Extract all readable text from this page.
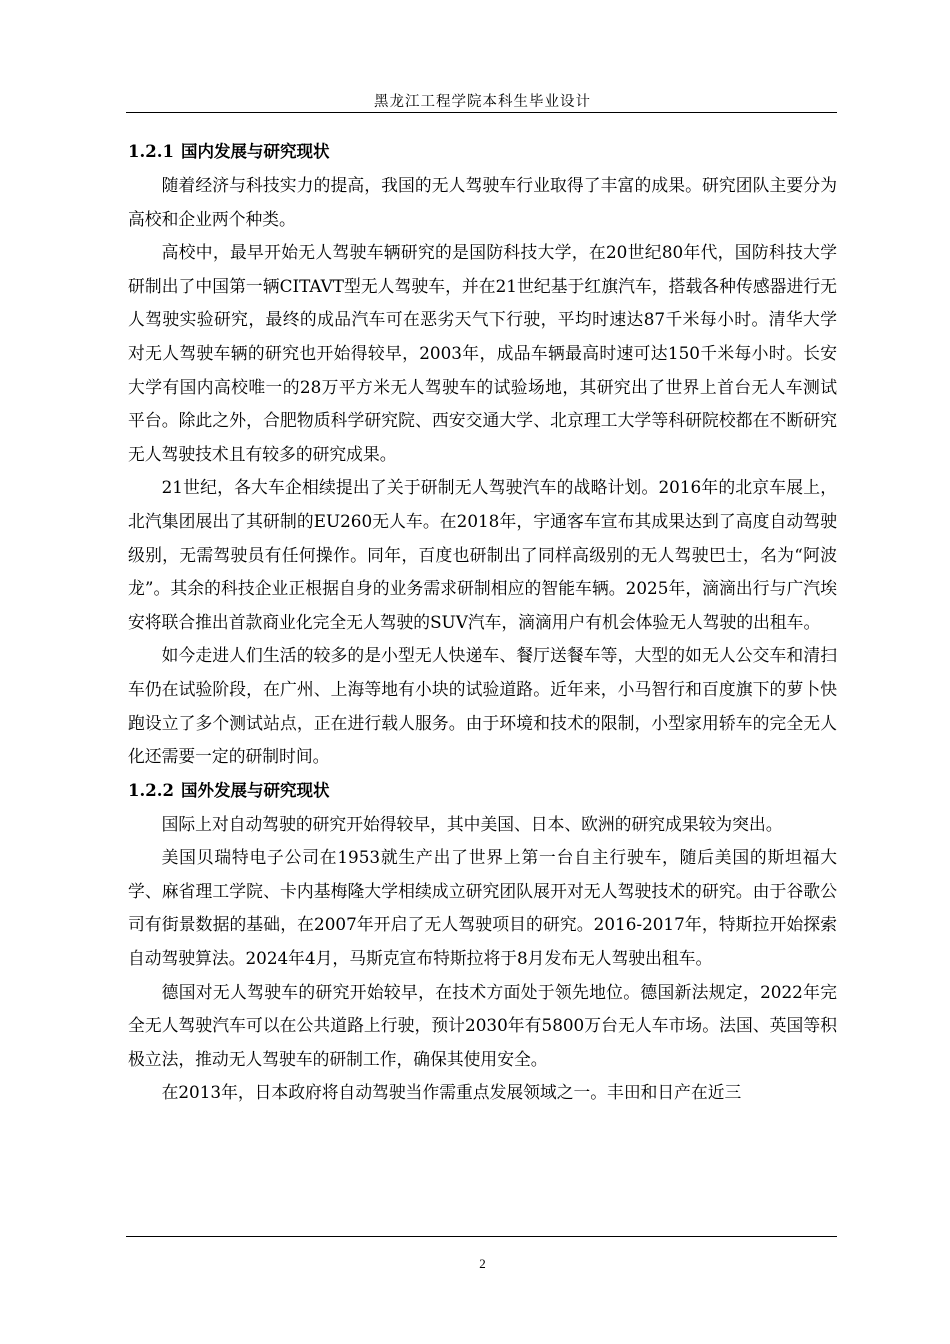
黑龙江工程学院本科生毕业设计
1.2.1 国内发展与研究现状

随着经济与科技实力的提高，我国的无人驾驶车行业取得了丰富的成果。研究团队主要分为高校和企业两个种类。

高校中，最早开始无人驾驶车辆研究的是国防科技大学，在20世纪80年代，国防科技大学研制出了中国第一辆CITAVT型无人驾驶车，并在21世纪基于红旗汽车，搭载各种传感器进行无人驾驶实验研究，最终的成品汽车可在恶劣天气下行驶，平均时速达87千米每小时。清华大学对无人驾驶车辆的研究也开始得较早，2003年，成品车辆最高时速可达150千米每小时。长安大学有国内高校唯一的28万平方米无人驾驶车的试验场地，其研究出了世界上首台无人车测试平台。除此之外，合肥物质科学研究院、西安交通大学、北京理工大学等科研院校都在不断研究无人驾驶技术且有较多的研究成果。

21世纪，各大车企相续提出了关于研制无人驾驶汽车的战略计划。2016年的北京车展上，北汽集团展出了其研制的EU260无人车。在2018年，宇通客车宣布其成果达到了高度自动驾驶级别，无需驾驶员有任何操作。同年，百度也研制出了同样高级别的无人驾驶巴士，名为“阿波龙”。其余的科技企业正根据自身的业务需求研制相应的智能车辆。2025年，滴滴出行与广汽埃安将联合推出首款商业化完全无人驾驶的SUV汽车，滴滴用户有机会体验无人驾驶的出租车。

如今走进人们生活的较多的是小型无人快递车、餐厅送餐车等，大型的如无人公交车和清扫车仍在试验阶段，在广州、上海等地有小块的试验道路。近年来，小马智行和百度旗下的萝卜快跑设立了多个测试站点，正在进行载人服务。由于环境和技术的限制，小型家用轿车的完全无人化还需要一定的研制时间。

1.2.2 国外发展与研究现状

国际上对自动驾驶的研究开始得较早，其中美国、日本、欧洲的研究成果较为突出。

美国贝瑞特电子公司在1953就生产出了世界上第一台自主行驶车，随后美国的斯坦福大学、麻省理工学院、卡内基梅隆大学相续成立研究团队展开对无人驾驶技术的研究。由于谷歌公司有街景数据的基础，在2007年开启了无人驾驶项目的研究。2016-2017年，特斯拉开始探索自动驾驶算法。2024年4月，马斯克宣布特斯拉将于8月发布无人驾驶出租车。

德国对无人驾驶车的研究开始较早，在技术方面处于领先地位。德国新法规定，2022年完全无人驾驶汽车可以在公共道路上行驶，预计2030年有5800万台无人车市场。法国、英国等积极立法，推动无人驾驶车的研制工作，确保其使用安全。

在2013年，日本政府将自动驾驶当作需重点发展领域之一。丰田和日产在近三

2
